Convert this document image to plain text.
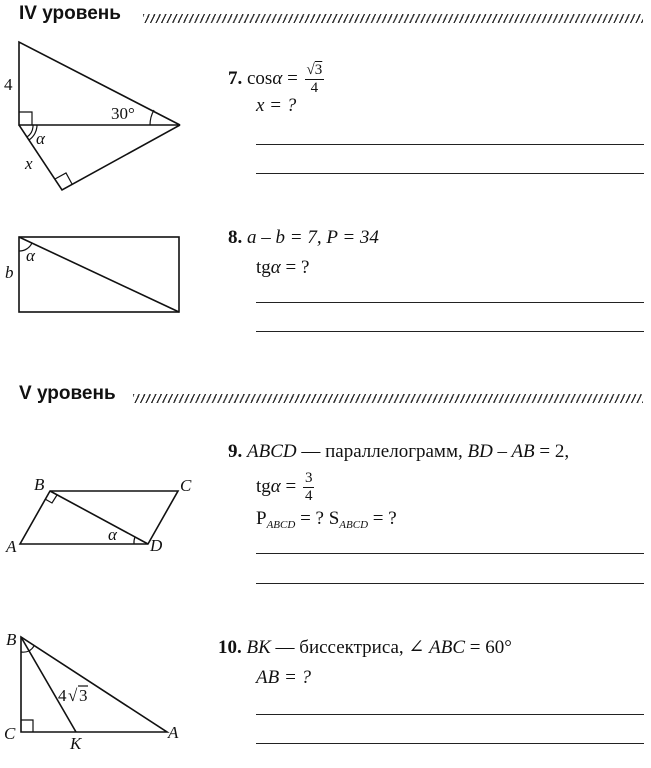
IV уровень
4
30°
α
x
7. $\cos\alpha = \frac{√3}{4}$
x = ?
α
b
8. a – b = 7, P = 34
tgα = ?
V уровень
A
B	C
D
α
9. ABCD — параллелограмм, BD – AB = 2,
$tg\alpha = \frac{3}{4}$
$P_{ABCD}$ = ? $S_{ABCD}$ = ?
B
C
K
A
4 √ 3
10. BK — биссектриса, ∠ ABC = 60°
AB = ?
